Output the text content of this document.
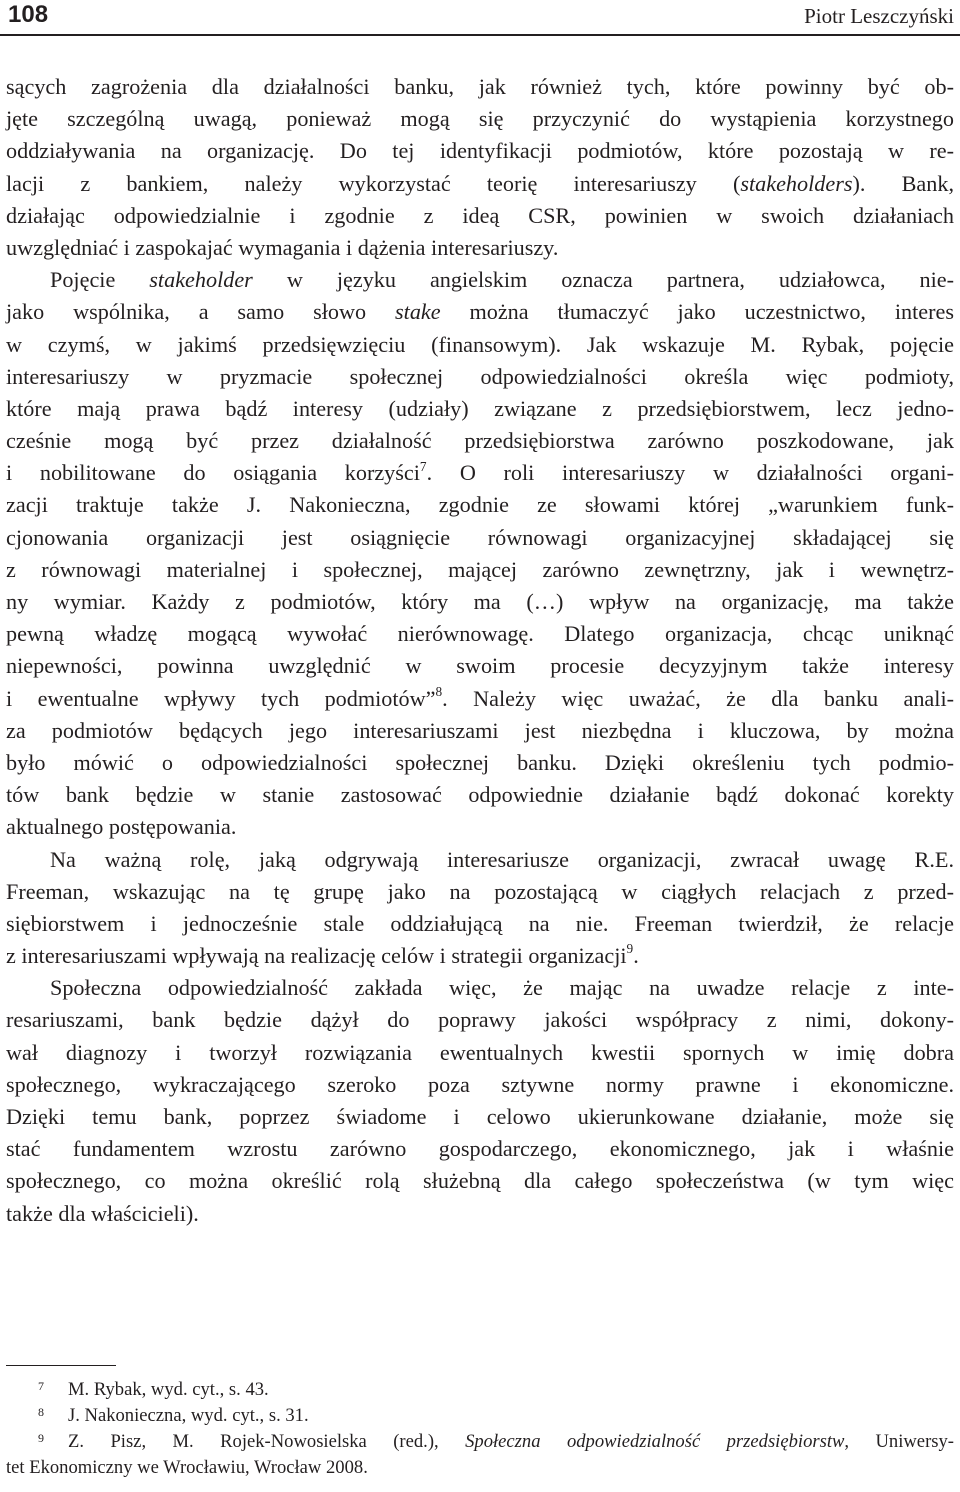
108	Piotr Leszczyński
sących zagrożenia dla działalności banku, jak również tych, które powinny być ob-
jęte szczególną uwagą, ponieważ mogą się przyczynić do wystąpienia korzystnego
oddziaływania na organizację. Do tej identyfikacji podmiotów, które pozostają w re-
lacji z bankiem, należy wykorzystać teorię interesariuszy (stakeholders). Bank,
działając odpowiedzialnie i zgodnie z ideą CSR, powinien w swoich działaniach
uwzględniać i zaspokajać wymagania i dążenia interesariuszy.
Pojęcie stakeholder w języku angielskim oznacza partnera, udziałowca, nie-
jako wspólnika, a samo słowo stake można tłumaczyć jako uczestnictwo, interes
w czymś, w jakimś przedsięwzięciu (finansowym). Jak wskazuje M. Rybak, pojęcie
interesariuszy w pryzmacie społecznej odpowiedzialności określa więc podmioty,
które mają prawa bądź interesy (udziały) związane z przedsiębiorstwem, lecz jedno-
cześnie mogą być przez działalność przedsiębiorstwa zarówno poszkodowane, jak
i nobilitowane do osiągania korzyści$^7$. O roli interesariuszy w działalności organi-
zacji traktuje także J. Nakonieczna, zgodnie ze słowami której „warunkiem funk-
cjonowania organizacji jest osiągnięcie równowagi organizacyjnej składającej się
z równowagi materialnej i społecznej, mającej zarówno zewnętrzny, jak i wewnętrz-
ny wymiar. Każdy z podmiotów, który ma (…) wpływ na organizację, ma także
pewną władzę mogącą wywołać nierównowagę. Dlatego organizacja, chcąc uniknąć
niepewności, powinna uwzględnić w swoim procesie decyzyjnym także interesy
i ewentualne wpływy tych podmiotów”$^8$. Należy więc uważać, że dla banku anali-
za podmiotów będących jego interesariuszami jest niezbędna i kluczowa, by można
było mówić o odpowiedzialności społecznej banku. Dzięki określeniu tych podmio-
tów bank będzie w stanie zastosować odpowiednie działanie bądź dokonać korekty
aktualnego postępowania.
Na ważną rolę, jaką odgrywają interesariusze organizacji, zwracał uwagę R.E.
Freeman, wskazując na tę grupę jako na pozostającą w ciągłych relacjach z przed-
siębiorstwem i jednocześnie stale oddziałującą na nie. Freeman twierdził, że relacje
z interesariuszami wpływają na realizację celów i strategii organizacji$^9$.
Społeczna odpowiedzialność zakłada więc, że mając na uwadze relacje z inte-
resariuszami, bank będzie dążył do poprawy jakości współpracy z nimi, dokony-
wał diagnozy i tworzył rozwiązania ewentualnych kwestii spornych w imię dobra
społecznego, wykraczającego szeroko poza sztywne normy prawne i ekonomiczne.
Dzięki temu bank, poprzez świadome i celowo ukierunkowane działanie, może się
stać fundamentem wzrostu zarówno gospodarczego, ekonomicznego, jak i właśnie
społecznego, co można określić rolą służebną dla całego społeczeństwa (w tym więc
także dla właścicieli).
7 M. Rybak, wyd. cyt., s. 43.
8 J. Nakonieczna, wyd. cyt., s. 31.
9 Z. Pisz, M. Rojek-Nowosielska (red.), Społeczna odpowiedzialność przedsiębiorstw, Uniwersy-
tet Ekonomiczny we Wrocławiu, Wrocław 2008.
